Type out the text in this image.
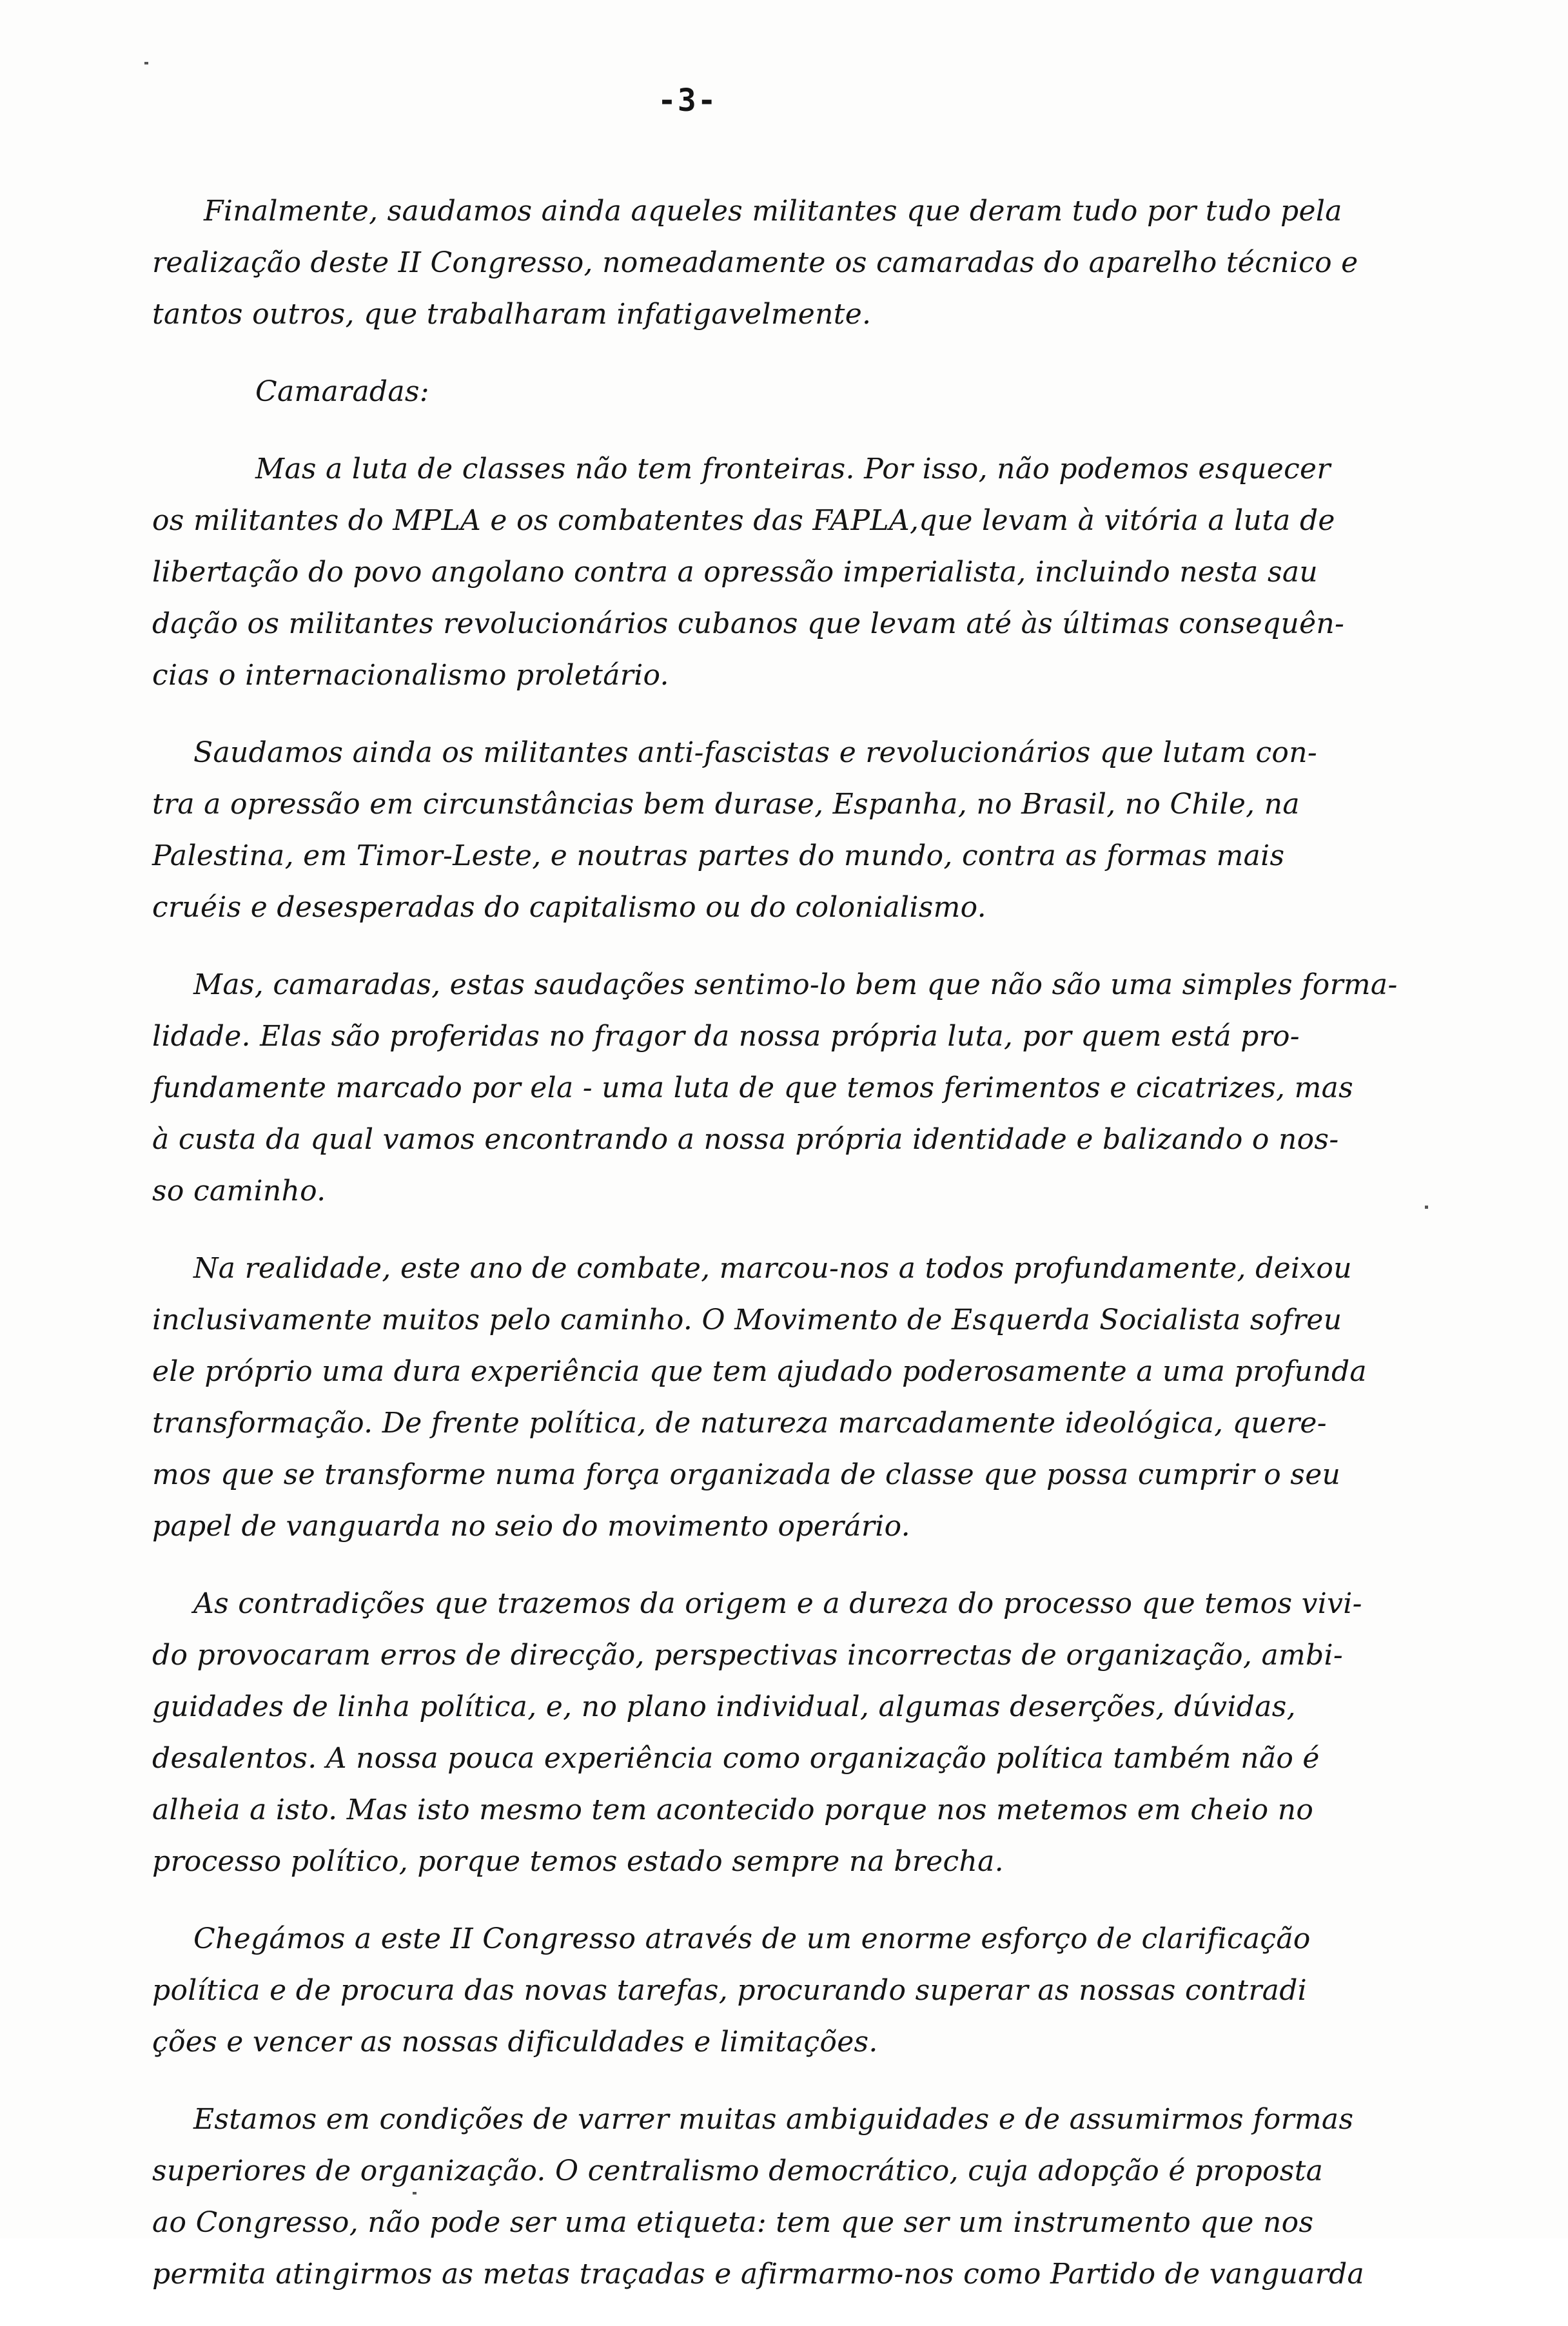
-3-
Finalmente, saudamos ainda aqueles militantes que deram tudo por tudo pela
realização deste II Congresso, nomeadamente os camaradas do aparelho técnico e
tantos outros, que trabalharam infatigavelmente.
Camaradas:
Mas a luta de classes não tem fronteiras. Por isso, não podemos esquecer
os militantes do MPLA e os combatentes das FAPLA,que levam à vitória a luta de
libertação do povo angolano contra a opressão imperialista, incluindo nesta sau
dação os militantes revolucionários cubanos que levam até às últimas consequên-
cias o internacionalismo proletário.
Saudamos ainda os militantes anti-fascistas e revolucionários que lutam con-
tra a opressão em circunstâncias bem durase, Espanha, no Brasil, no Chile, na
Palestina, em Timor-Leste, e noutras partes do mundo, contra as formas mais
cruéis e desesperadas do capitalismo ou do colonialismo.
Mas, camaradas, estas saudações sentimo-lo bem que não são uma simples forma-
lidade. Elas são proferidas no fragor da nossa própria luta, por quem está pro-
fundamente marcado por ela - uma luta de que temos ferimentos e cicatrizes, mas
à custa da qual vamos encontrando a nossa própria identidade e balizando o nos-
so caminho.
Na realidade, este ano de combate, marcou-nos a todos profundamente, deixou
inclusivamente muitos pelo caminho. O Movimento de Esquerda Socialista sofreu
ele próprio uma dura experiência que tem ajudado poderosamente a uma profunda
transformação. De frente política, de natureza marcadamente ideológica, quere-
mos que se transforme numa força organizada de classe que possa cumprir o seu
papel de vanguarda no seio do movimento operário.
As contradições que trazemos da origem e a dureza do processo que temos vivi-
do provocaram erros de direcção, perspectivas incorrectas de organização, ambi-
guidades de linha política, e, no plano individual, algumas deserções, dúvidas,
desalentos. A nossa pouca experiência como organização política também não é
alheia a isto. Mas isto mesmo tem acontecido porque nos metemos em cheio no
processo político, porque temos estado sempre na brecha.
Chegámos a este II Congresso através de um enorme esforço de clarificação
política e de procura das novas tarefas, procurando superar as nossas contradi
ções e vencer as nossas dificuldades e limitações.
Estamos em condições de varrer muitas ambiguidades e de assumirmos formas
superiores de organização. O centralismo democrático, cuja adopção é proposta
ao Congresso, não pode ser uma etiqueta: tem que ser um instrumento que nos
permita atingirmos as metas traçadas e afirmarmo-nos como Partido de vanguarda
